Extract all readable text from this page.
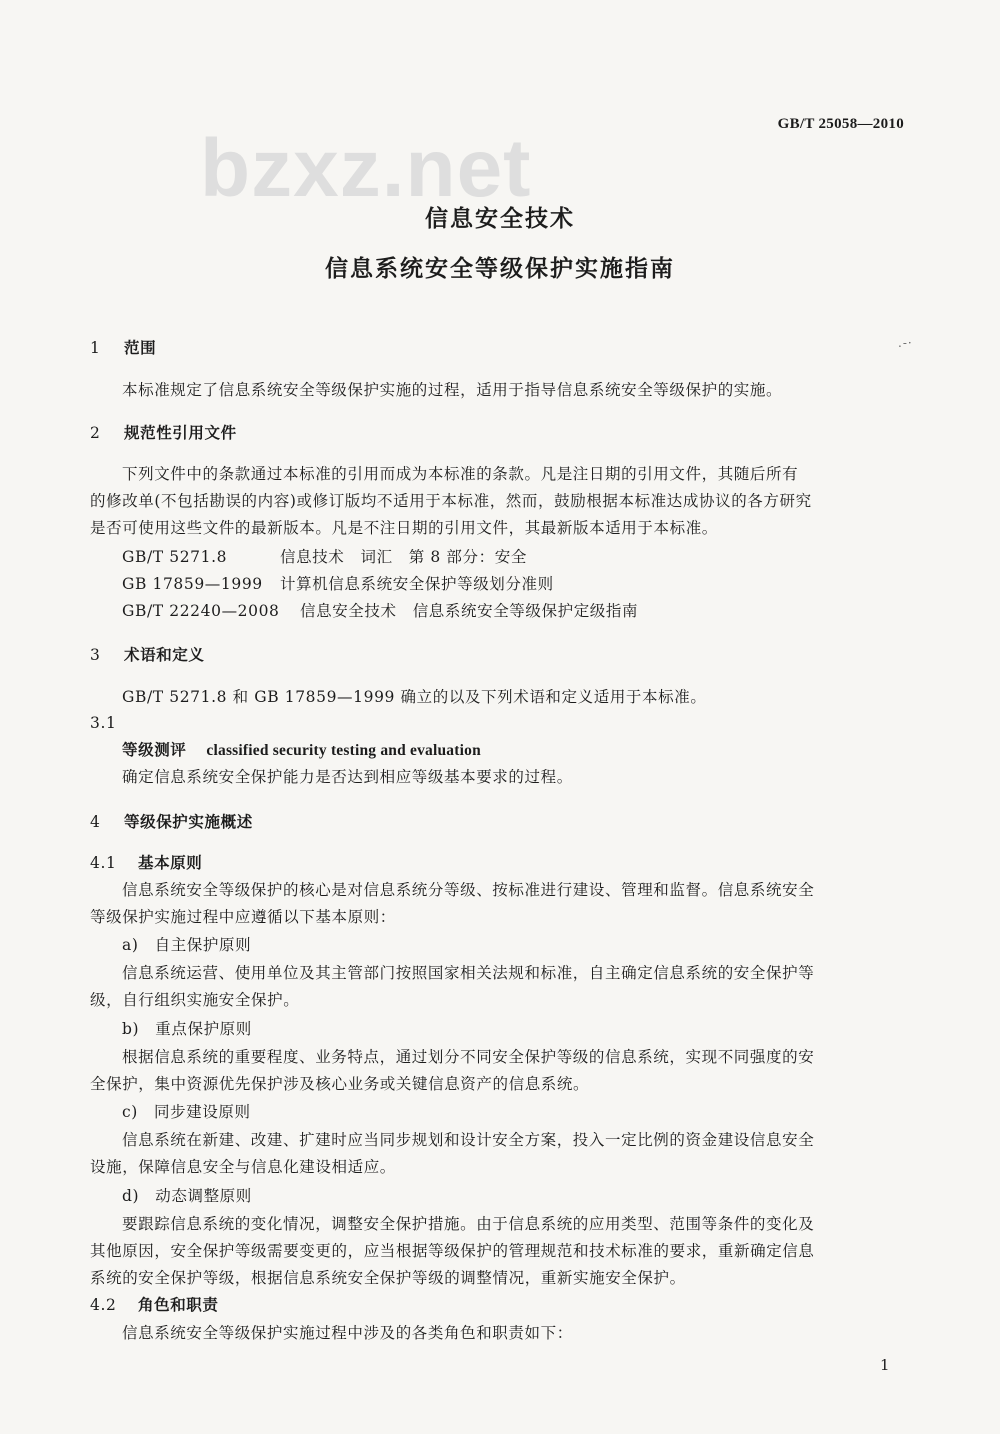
bzxz.net	GB/T 25058—2010
信息安全技术
信息系统安全等级保护实施指南
.-·
1 范围
本标准规定了信息系统安全等级保护实施的过程，适用于指导信息系统安全等级保护的实施。
2 规范性引用文件
下列文件中的条款通过本标准的引用而成为本标准的条款。凡是注日期的引用文件，其随后所有
的修改单(不包括勘误的内容)或修订版均不适用于本标准，然而，鼓励根据本标准达成协议的各方研究
是否可使用这些文件的最新版本。凡是不注日期的引用文件，其最新版本适用于本标准。
GB/T 5271.8	信息技术　词汇　第 8 部分：安全
GB 17859—1999 计算机信息系统安全保护等级划分准则
GB/T 22240—2008 信息安全技术　信息系统安全等级保护定级指南
3 术语和定义
GB/T 5271.8 和 GB 17859—1999 确立的以及下列术语和定义适用于本标准。
3.1
等级测评 classified security testing and evaluation
确定信息系统安全保护能力是否达到相应等级基本要求的过程。
4 等级保护实施概述
4.1 基本原则
信息系统安全等级保护的核心是对信息系统分等级、按标准进行建设、管理和监督。信息系统安全
等级保护实施过程中应遵循以下基本原则：
a)　自主保护原则
信息系统运营、使用单位及其主管部门按照国家相关法规和标准，自主确定信息系统的安全保护等
级，自行组织实施安全保护。
b)　重点保护原则
根据信息系统的重要程度、业务特点，通过划分不同安全保护等级的信息系统，实现不同强度的安
全保护，集中资源优先保护涉及核心业务或关键信息资产的信息系统。
c)　同步建设原则
信息系统在新建、改建、扩建时应当同步规划和设计安全方案，投入一定比例的资金建设信息安全
设施，保障信息安全与信息化建设相适应。
d)　动态调整原则
要跟踪信息系统的变化情况，调整安全保护措施。由于信息系统的应用类型、范围等条件的变化及
其他原因，安全保护等级需要变更的，应当根据等级保护的管理规范和技术标准的要求，重新确定信息
系统的安全保护等级，根据信息系统安全保护等级的调整情况，重新实施安全保护。
4.2 角色和职责
信息系统安全等级保护实施过程中涉及的各类角色和职责如下：
1
